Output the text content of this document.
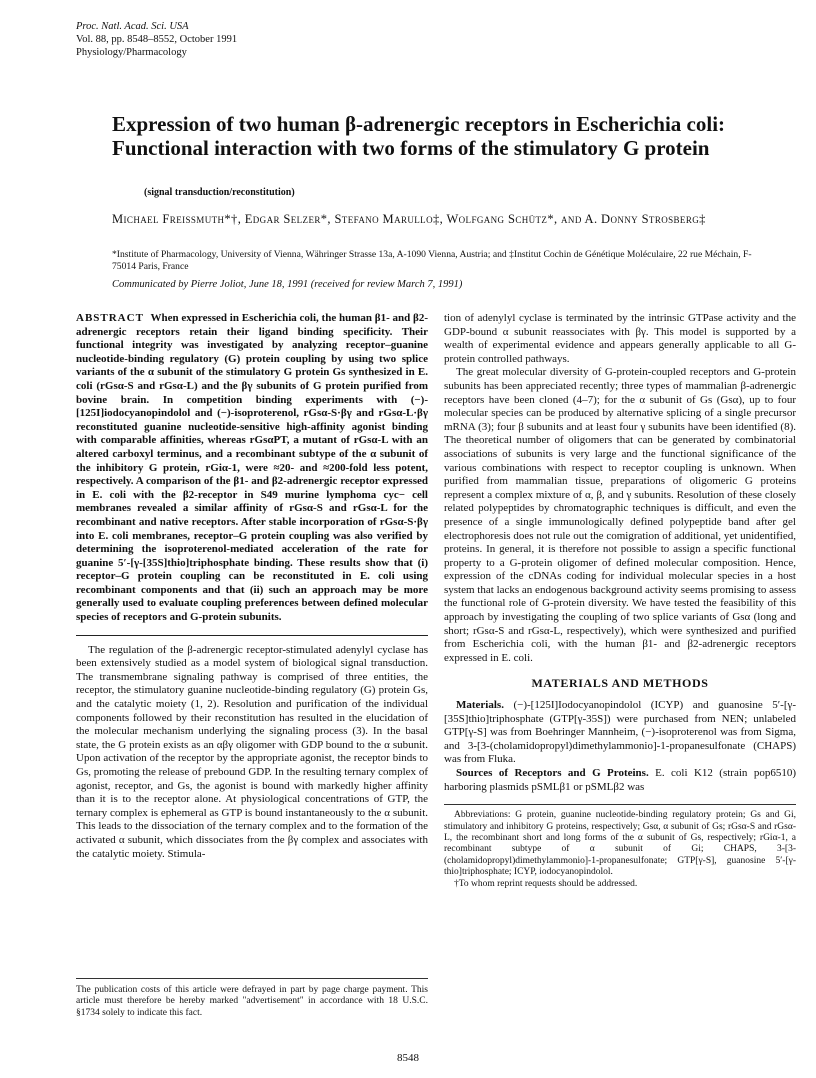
Proc. Natl. Acad. Sci. USA
Vol. 88, pp. 8548–8552, October 1991
Physiology/Pharmacology
Expression of two human β-adrenergic receptors in Escherichia coli: Functional interaction with two forms of the stimulatory G protein
(signal transduction/reconstitution)
Michael Freissmuth*†, Edgar Selzer*, Stefano Marullo‡, Wolfgang Schütz*, and A. Donny Strosberg‡
*Institute of Pharmacology, University of Vienna, Währinger Strasse 13a, A-1090 Vienna, Austria; and ‡Institut Cochin de Génétique Moléculaire, 22 rue Méchain, F-75014 Paris, France
Communicated by Pierre Joliot, June 18, 1991 (received for review March 7, 1991)

ABSTRACT When expressed in Escherichia coli, the human β1- and β2-adrenergic receptors retain their ligand binding specificity. Their functional integrity was investigated by analyzing receptor–guanine nucleotide-binding regulatory (G) protein coupling by using two splice variants of the α subunit of the stimulatory G protein Gs synthesized in E. coli (rGsα-S and rGsα-L) and the βγ subunits of G protein purified from bovine brain. In competition binding experiments with (−)-[125I]iodocyanopindolol and (−)-isoproterenol, rGsα-S·βγ and rGsα-L·βγ reconstituted guanine nucleotide-sensitive high-affinity agonist binding with comparable affinities, whereas rGsαPT, a mutant of rGsα-L with an altered carboxyl terminus, and a recombinant subtype of the α subunit of the inhibitory G protein, rGiα-1, were ≈20- and ≈200-fold less potent, respectively. A comparison of the β1- and β2-adrenergic receptor expressed in E. coli with the β2-receptor in S49 murine lymphoma cyc− cell membranes revealed a similar affinity of rGsα-S and rGsα-L for the recombinant and native receptors. After stable incorporation of rGsα-S·βγ into E. coli membranes, receptor–G protein coupling was also verified by determining the isoproterenol-mediated acceleration of the rate for guanine 5′-[γ-[35S]thio]triphosphate binding. These results show that (i) receptor–G protein coupling can be reconstituted in E. coli using recombinant components and that (ii) such an approach may be more generally used to evaluate coupling preferences between defined molecular species of receptors and G-protein subunits.

The regulation of the β-adrenergic receptor-stimulated adenylyl cyclase has been extensively studied as a model system of biological signal transduction. The transmembrane signaling pathway is comprised of three entities, the receptor, the stimulatory guanine nucleotide-binding regulatory (G) protein Gs, and the catalytic moiety (1, 2). Resolution and purification of the individual components followed by their reconstitution has resulted in the elucidation of the molecular mechanism underlying the signaling process (3). In the basal state, the G protein exists as an αβγ oligomer with GDP bound to the α subunit. Upon activation of the receptor by the appropriate agonist, the receptor binds to Gs, promoting the release of prebound GDP. In the resulting ternary complex of agonist, receptor, and Gs, the agonist is bound with markedly higher affinity than it is to the receptor alone. At physiological concentrations of GTP, the ternary complex is ephemeral as GTP is bound instantaneously to the α subunit. This leads to the dissociation of the ternary complex and to the formation of the activated α subunit, which dissociates from the βγ complex and associates with the catalytic moiety. Stimula-

The publication costs of this article were defrayed in part by page charge payment. This article must therefore be hereby marked "advertisement" in accordance with 18 U.S.C. §1734 solely to indicate this fact.

tion of adenylyl cyclase is terminated by the intrinsic GTPase activity and the GDP-bound α subunit reassociates with βγ. This model is supported by a wealth of experimental evidence and appears generally applicable to all G-protein controlled pathways.

The great molecular diversity of G-protein-coupled receptors and G-protein subunits has been appreciated recently; three types of mammalian β-adrenergic receptors have been cloned (4–7); for the α subunit of Gs (Gsα), up to four molecular species can be produced by alternative splicing of a single precursor mRNA (3); four β subunits and at least four γ subunits have been identified (8). The theoretical number of oligomers that can be generated by combinatorial associations of subunits is very large and the functional significance of the various combinations with respect to receptor coupling is unknown. When purified from mammalian tissue, preparations of oligomeric G proteins represent a complex mixture of α, β, and γ subunits. Resolution of these closely related polypeptides by chromatographic techniques is difficult, and even the presence of a single immunologically defined polypeptide band after gel electrophoresis does not rule out the comigration of additional, yet unidentified, proteins. In general, it is therefore not possible to assign a specific functional property to a G-protein oligomer of defined molecular composition. Hence, expression of the cDNAs coding for individual molecular species in a host system that lacks an endogenous background activity seems promising to assess the functional role of G-protein diversity. We have tested the feasibility of this approach by investigating the coupling of two splice variants of Gsα (long and short; rGsα-S and rGsα-L, respectively), which were synthesized and purified from Escherichia coli, with the human β1- and β2-adrenergic receptors expressed in E. coli.

MATERIALS AND METHODS

Materials. (−)-[125I]Iodocyanopindolol (ICYP) and guanosine 5′-[γ-[35S]thio]triphosphate (GTP[γ-35S]) were purchased from NEN; unlabeled GTP[γ-S] was from Boehringer Mannheim, (−)-isoproterenol was from Sigma, and 3-[3-(cholamidopropyl)dimethylammonio]-1-propanesulfonate (CHAPS) was from Fluka.

Sources of Receptors and G Proteins. E. coli K12 (strain pop6510) harboring plasmids pSMLβ1 or pSMLβ2 was

Abbreviations: G protein, guanine nucleotide-binding regulatory protein; Gs and Gi, stimulatory and inhibitory G proteins, respectively; Gsα, α subunit of Gs; rGsα-S and rGsα-L, the recombinant short and long forms of the α subunit of Gs, respectively; rGiα-1, a recombinant subtype of α subunit of Gi; CHAPS, 3-[3-(cholamidopropyl)dimethylammonio]-1-propanesulfonate; GTP[γ-S], guanosine 5′-[γ-thio]triphosphate; ICYP, iodocyanopindolol.

†To whom reprint requests should be addressed.

8548
